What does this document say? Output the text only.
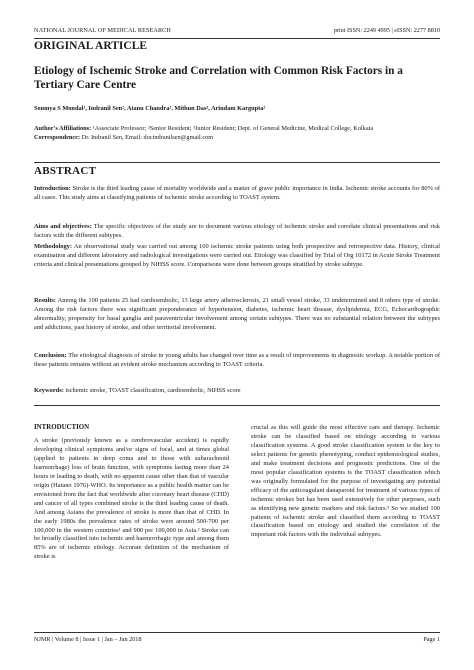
NATIONAL JOURNAL OF MEDICAL RESEARCH	print ISSN: 2249 4995 | eISSN: 2277 8810
ORIGINAL ARTICLE
Etiology of Ischemic Stroke and Correlation with Common Risk Factors in a Tertiary Care Centre
Soumya S Mondal¹, Indranil Sen², Atanu Chandra², Mithun Das³, Arindam Kargupta²
Author's Affiliations: ¹Associate Professor; ²Senior Resident; ³Junior Resident; Dept. of General Medicine, Medical College, Kolkata
Correspondence: Dr. Indranil Sen, Email: docindranilsen@gmail.com
ABSTRACT
Introduction: Stroke is the third leading cause of mortality worldwide and a matter of grave public importance in India. Ischemic stroke accounts for 80% of all cases. This study aims at classifying patients of ischemic stroke according to TOAST system.
Aims and objectives: The specific objectives of the study are to document various etiology of ischemic stroke and correlate clinical presentations and risk factors with the different subtypes.
Methodology: An observational study was carried out among 100 ischemic stroke patients using both prospective and retrospective data. History, clinical examination and different laboratory and radiological investigations were carried out. Etiology was classified by Trial of Org 10172 in Acute Stroke Treatment criteria and clinical presentations grouped by NIHSS score. Comparisons were done between groups stratified by stroke subtype.
Results: Among the 100 patients 25 had cardioembolic, 13 large artery atherosclerosis, 21 small vessel stroke, 33 undetermined and 8 others type of stroke. Among the risk factors there was significant preponderance of hypertension, diabetes, ischemic heart disease, dyslipidemia, ECG, Echocardiographic abnormality, propensity for basal ganglia and paraventricular involvement among certain subtypes. There was no substantial relation between the subtypes and addictions, past history of stroke, and other territorial involvement.
Conclusion: The etiological diagnosis of stroke in young adults has changed over time as a result of improvements in diagnostic workup. A notable portion of these patients remains without an evident stroke mechanism according to TOAST criteria.
Keywords: ischemic stroke, TOAST classification, cardioembolic, NIHSS score
INTRODUCTION
A stroke (previously known as a cerebrovascular accident) is rapidly developing clinical symptoms and/or signs of focal, and at times global (applied to patients in deep coma and to those with subarachnoid haemorrhage) loss of brain function, with symptoms lasting more than 24 hours or leading to death, with no apparent cause other than that of vascular origin (Hatano 1976)-WHO. Its importance as a public health matter can be envisioned from the fact that worldwide after coronary heart disease (CHD) and cancer of all types combined stroke is the third leading cause of death. And among Asians the prevalence of stroke is more than that of CHD. In the early 1980s the prevalence rates of stroke were around 500-700 per 100,000 in the western countries¹ and 900 per 100,000 in Asia.² Stroke can be broadly classified into ischemic and haemorrhagic type and among them 85% are of ischemic etiology. Accurate definition of the mechanism of stroke is
crucial as this will guide the most effective care and therapy. Ischemic stroke can be classified based on etiology according to various classification systems. A good stroke classification system is the key to select patients for genetic phenotyping, conduct epidemiological studies, and make treatment decisions and prognostic predictions. One of the most popular classification systems is the TOAST classification which was originally formulated for the purpose of investigating any potential efficacy of the anticoagulant danaparoid for treatment of various types of ischemic strokes but has been used extensively for other purposes, such as identifying new genetic markers and risk factors.³ So we studied 100 patients of ischemic stroke and classified them according to TOAST classification based on etiology and studied the correlation of the important risk factors with the individual subtypes.
NJMR | Volume 8 | Issue 1 | Jan – Jun 2018	Page 1
